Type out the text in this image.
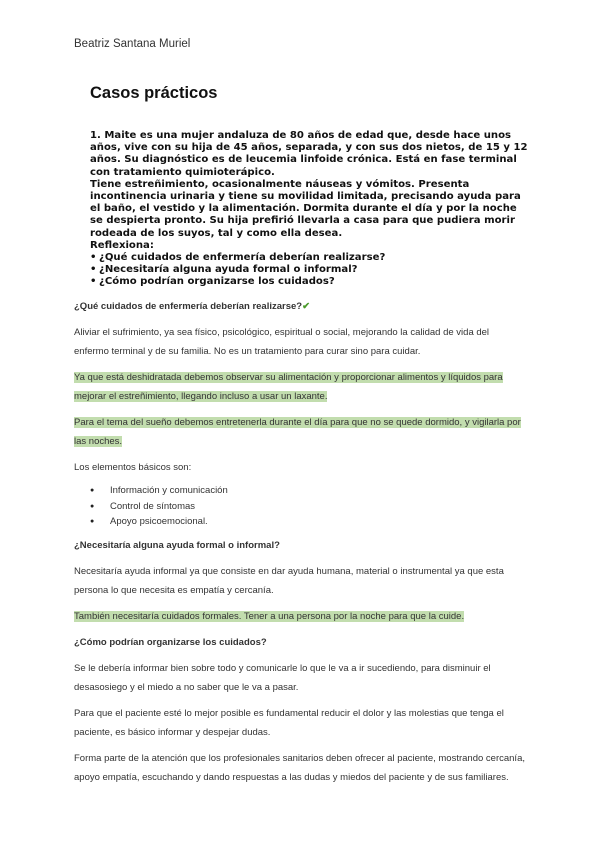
Beatriz Santana Muriel
Casos prácticos

1. Maite es una mujer andaluza de 80 años de edad que, desde hace unos años, vive con su hija de 45 años, separada, y con sus dos nietos, de 15 y 12 años. Su diagnóstico es de leucemia linfoide crónica. Está en fase terminal con tratamiento quimioterápico.

Tiene estreñimiento, ocasionalmente náuseas y vómitos. Presenta incontinencia urinaria y tiene su movilidad limitada, precisando ayuda para el baño, el vestido y la alimentación. Dormita durante el día y por la noche se despierta pronto. Su hija prefirió llevarla a casa para que pudiera morir rodeada de los suyos, tal y como ella desea.

Reflexiona:

• ¿Qué cuidados de enfermería deberían realizarse?
• ¿Necesitaría alguna ayuda formal o informal?
• ¿Cómo podrían organizarse los cuidados?

¿Qué cuidados de enfermería deberían realizarse?✔

Aliviar el sufrimiento, ya sea físico, psicológico, espiritual o social, mejorando la calidad de vida del enfermo terminal y de su familia. No es un tratamiento para curar sino para cuidar.

Ya que está deshidratada debemos observar su alimentación y proporcionar alimentos y líquidos para mejorar el estreñimiento, llegando incluso a usar un laxante.

Para el tema del sueño debemos entretenerla durante el día para que no se quede dormido, y vigilarla por las noches.

Los elementos básicos son:

● Información y comunicación
● Control de síntomas
● Apoyo psicoemocional.

¿Necesitaría alguna ayuda formal o informal?

Necesitaría ayuda informal ya que consiste en dar ayuda humana, material o instrumental ya que esta persona lo que necesita es empatía y cercanía.

También necesitaría cuidados formales. Tener a una persona por la noche para que la cuide.

¿Cómo podrían organizarse los cuidados?

Se le debería informar bien sobre todo y comunicarle lo que le va a ir sucediendo, para disminuir el desasosiego y el miedo a no saber que le va a pasar.

Para que el paciente esté lo mejor posible es fundamental reducir el dolor y las molestias que tenga el paciente, es básico informar y despejar dudas.

Forma parte de la atención que los profesionales sanitarios deben ofrecer al paciente, mostrando cercanía, apoyo empatía, escuchando y dando respuestas a las dudas y miedos del paciente y de sus familiares.
